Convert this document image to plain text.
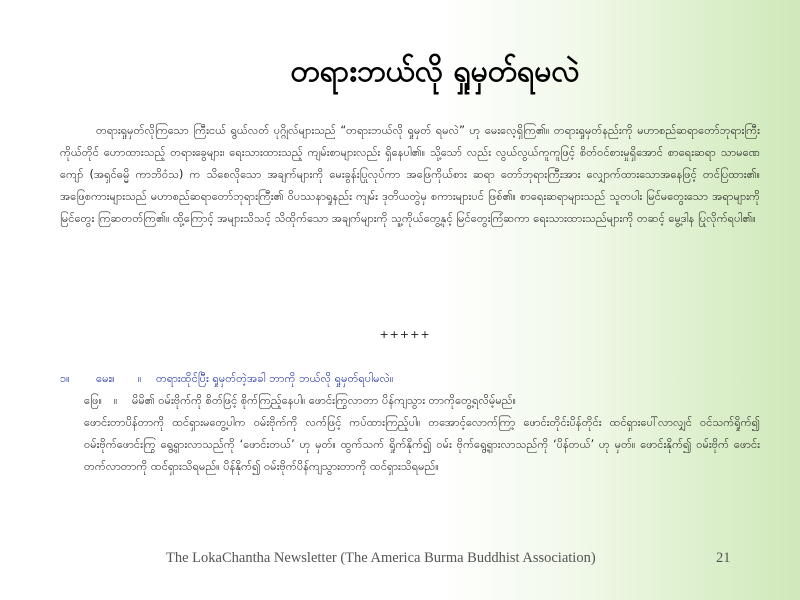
တရားဘယ်လို ရှုမှတ်ရမလဲ

တရားရှုမှတ်လိုကြသော ကြီးငယ် ရွယ်လတ် ပုဂ္ဂိုလ်များသည် “တရားဘယ်လို ရှုမှတ် ရမလဲ” ဟု မေးလေ့ရှိကြ၏။ တရားရှုမှတ်နည်းကို မဟာစည်ဆရာတော်ဘုရားကြီး ကိုယ်တိုင် ဟောထားသည့် တရားခွေများ၊ ရေးသားထားသည့် ကျမ်းစာများလည်း ရှိနေပါ၏။ သို့သော် လည်း လွယ်လွယ်ကူကူဖြင့် စိတ်ဝင်စားမှုရှိအောင် စာရေးဆရာ သာမဏေကျော် (အရှင်ဓမ္မိ ကာဘိဝံသ) က သိစေလိုသော အချက်များကို မေးခွန်းပြုလုပ်ကာ အဖြေကိုယ်စား ဆရာ တော်ဘုရားကြီးအား လျှောက်ထားသောအနေဖြင့် တင်ပြထား၏။ အဖြေစကားများသည် မဟာစည်ဆရာတော်ဘုရားကြီး၏ ဝိပဿနာရှုနည်း ကျမ်း ဒုတိယတွဲမှ စကားများပင် ဖြစ်၏။ စာရေးဆရာများသည် သူတပါး မြင်မတွေးသော အရာများကို မြင်တွေး ကြဆတတ်ကြ၏။ ထို့ကြောင့် အများသိသင့် သိထိုက်သော အချက်များကို သူ့ကိုယ်တွေ့နှင့် မြင်တွေးကြံဆကာ ရေးသားထားသည်များကို တဆင့် မွေ့ဒါန ပြုလိုက်ရပါ၏။

+++++
၁။ မေး။ ။ တရားထိုင်ပြီး ရှုမှတ်တဲ့အခါ ဘာကို ဘယ်လို ရှုမှတ်ရပါမလဲ။
ဖြေ။ ။ မိမိ၏ ဝမ်းဗိုက်ကို စိတ်ဖြင့် စိုက်ကြည့်နေပါ။ ဖောင်းကြွလာတာ ပိန်ကျသွား တာကိုတွေ့ရလိမ့်မည်။
ဖောင်းတာပိန်တာကို ထင်ရှားမတွေ့ပါက ဝမ်းဗိုက်ကို လက်ဖြင့် ကပ်ထားကြည့်ပါ။ တအောင့်လောက်ကြာ့ ဖောင်းတိုင်းပိန်တိုင်း ထင်ရှားပေါ်လာလျှင် ဝင်သက်ရှိုက်၍ ဝမ်းဗိုက်ဖောင်းကြွ ရွေ့ရှားလာသည်ကို ‘ဖောင်းတယ်’ ဟု မှတ်။ ထွက်သက် ရှိုက်နိုက်၍ ဝမ်း ဗိုက်ရွေ့ရှားလာသည်ကို ‘ပိန်တယ်’ ဟု မှတ်။ ဖောင်းနိုက်၍ ဝမ်းဗိုက် ဖောင်းတက်လာတာကို ထင်ရှားသိရမည်။ ပိန်နိုက်၍ ဝမ်းဗိုက်ပိန်ကျသွားတာကို ထင်ရှားသိရမည်။
The LokaChantha Newsletter (The America Burma Buddhist Association)	21
